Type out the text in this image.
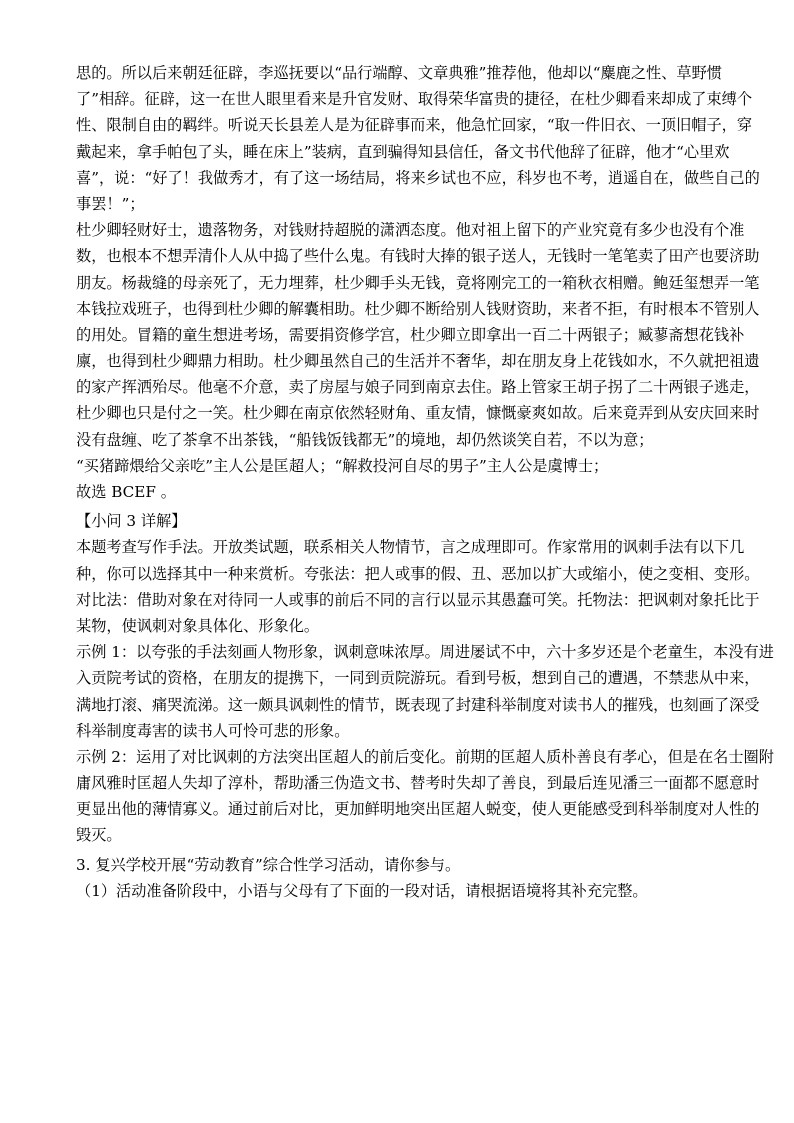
思的。所以后来朝廷征辟，李巡抚要以“品行端醇、文章典雅”推荐他，他却以“麋鹿之性、草野惯
了”相辞。征辟，这一在世人眼里看来是升官发财、取得荣华富贵的捷径，在杜少卿看来却成了束缚个
性、限制自由的羁绊。听说天长县差人是为征辟事而来，他急忙回家，“取一件旧衣、一顶旧帽子，穿
戴起来，拿手帕包了头，睡在床上”装病，直到骗得知县信任，备文书代他辞了征辟，他才“心里欢
喜”，说：“好了！我做秀才，有了这一场结局，将来乡试也不应，科岁也不考，逍遥自在，做些自己的
事罢！”；
杜少卿轻财好士，遗落物务，对钱财持超脱的潇洒态度。他对祖上留下的产业究竟有多少也没有个准
数，也根本不想弄清仆人从中捣了些什么鬼。有钱时大捧的银子送人，无钱时一笔笔卖了田产也要济助
朋友。杨裁缝的母亲死了，无力埋葬，杜少卿手头无钱，竟将刚完工的一箱秋衣相赠。鲍廷玺想弄一笔
本钱拉戏班子，也得到杜少卿的解囊相助。杜少卿不断给别人钱财资助，来者不拒，有时根本不管别人
的用处。冒籍的童生想进考场，需要捐资修学宫，杜少卿立即拿出一百二十两银子；臧蓼斋想花钱补
廪，也得到杜少卿鼎力相助。杜少卿虽然自己的生活并不奢华，却在朋友身上花钱如水，不久就把祖遗
的家产挥洒殆尽。他毫不介意，卖了房屋与娘子同到南京去住。路上管家王胡子拐了二十两银子逃走，
杜少卿也只是付之一笑。杜少卿在南京依然轻财角、重友情，慷慨豪爽如故。后来竟弄到从安庆回来时
没有盘缠、吃了茶拿不出茶钱，“船钱饭钱都无”的境地，却仍然谈笑自若，不以为意；
“买猪蹄煨给父亲吃”主人公是匡超人；“解救投河自尽的男子”主人公是虞博士；
故选 BCEF 。
【小问 3 详解】
本题考查写作手法。开放类试题，联系相关人物情节，言之成理即可。作家常用的讽刺手法有以下几
种，你可以选择其中一种来赏析。夸张法：把人或事的假、丑、恶加以扩大或缩小，使之变相、变形。
对比法：借助对象在对待同一人或事的前后不同的言行以显示其愚蠢可笑。托物法：把讽刺对象托比于
某物，使讽刺对象具体化、形象化。
示例 1：以夸张的手法刻画人物形象，讽刺意味浓厚。周进屡试不中，六十多岁还是个老童生，本没有进
入贡院考试的资格，在朋友的提携下，一同到贡院游玩。看到号板，想到自己的遭遇，不禁悲从中来，
满地打滚、痛哭流涕。这一颇具讽刺性的情节，既表现了封建科举制度对读书人的摧残，也刻画了深受
科举制度毒害的读书人可怜可悲的形象。
示例 2：运用了对比讽刺的方法突出匡超人的前后变化。前期的匡超人质朴善良有孝心，但是在名士圈附
庸风雅时匡超人失却了淳朴，帮助潘三伪造文书、替考时失却了善良，到最后连见潘三一面都不愿意时
更显出他的薄情寡义。通过前后对比，更加鲜明地突出匡超人蜕变，使人更能感受到科举制度对人性的
毁灭。
3. 复兴学校开展“劳动教育”综合性学习活动，请你参与。
（1）活动准备阶段中，小语与父母有了下面的一段对话，请根据语境将其补充完整。
